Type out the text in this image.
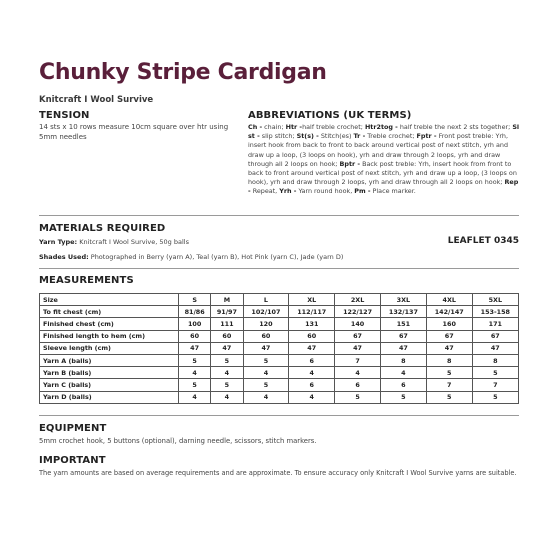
Chunky Stripe Cardigan
Knitcraft I Wool Survive
TENSION
14 sts x 10 rows measure 10cm square over htr using 5mm needles
ABBREVIATIONS (UK TERMS)
Ch - chain; Htr -half treble crochet; Htr2tog - half treble the next 2 sts together; Sl st - slip stitch; St(s) - Stitch(es) Tr - Treble crochet; Fptr - Front post treble: Yrh, insert hook from back to front to back around vertical post of next stitch, yrh and draw up a loop, (3 loops on hook), yrh and draw through 2 loops, yrh and draw through all 2 loops on hook; Bptr - Back post treble: Yrh, insert hook from front to back to front around vertical post of next stitch, yrh and draw up a loop, (3 loops on hook), yrh and draw through 2 loops, yrh and draw through all 2 loops on hook; Rep - Repeat, Yrh - Yarn round hook, Pm - Place marker.
MATERIALS REQUIRED
Yarn Type: Knitcraft I Wool Survive, 50g balls	LEAFLET 0345
Shades Used: Photographed in Berry (yarn A), Teal (yarn B), Hot Pink (yarn C), Jade (yarn D)
MEASUREMENTS
Size	S	M	L	XL	2XL	3XL	4XL	5XL
To fit chest (cm)	81/86	91/97	102/107	112/117	122/127	132/137	142/147	153-158
Finished chest (cm)	100	111	120	131	140	151	160	171
Finished length to hem (cm)	60	60	60	60	67	67	67	67
Sleeve length (cm)	47	47	47	47	47	47	47	47
Yarn A (balls)	5	5	5	6	7	8	8	8
Yarn B (balls)	4	4	4	4	4	4	5	5
Yarn C (balls)	5	5	5	6	6	6	7	7
Yarn D (balls)	4	4	4	4	5	5	5	5
EQUIPMENT
5mm crochet hook, 5 buttons (optional), darning needle, scissors, stitch markers.
IMPORTANT
The yarn amounts are based on average requirements and are approximate. To ensure accuracy only Knitcraft I Wool Survive yarns are suitable.
